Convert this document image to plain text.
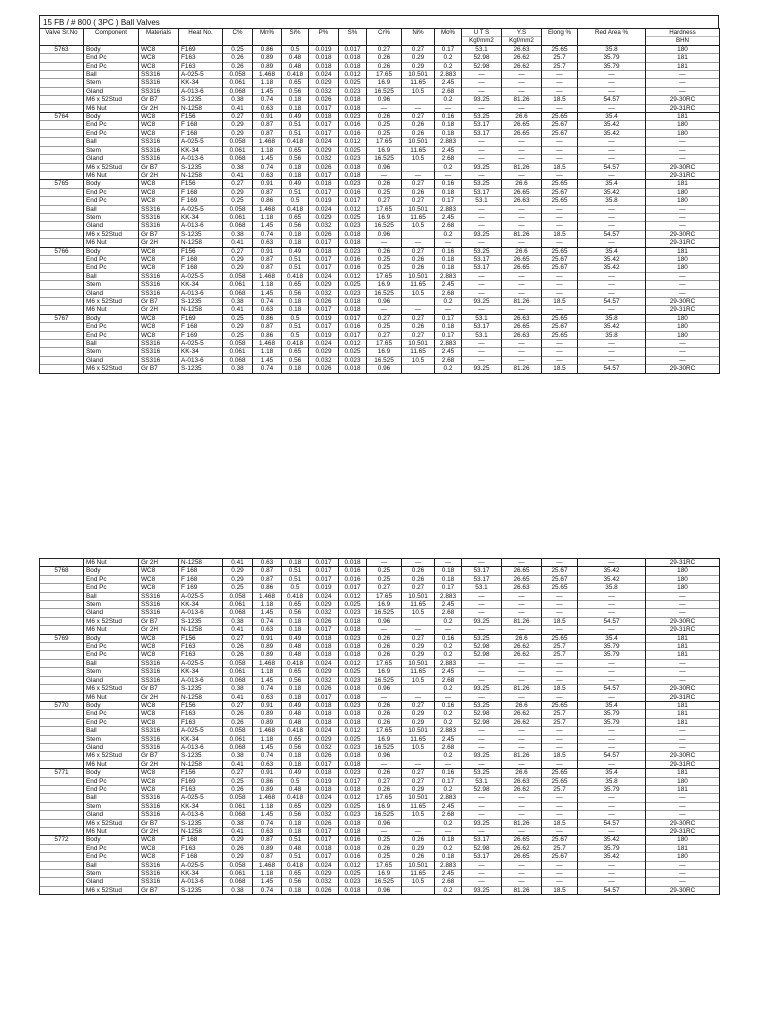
15 FB / # 800 ( 3PC ) Ball Valves
Valve Sr.No	Component	Materials	Heat No.	C%	Mn%	Si%	P%	S%	Cr%	Ni%	Mo%	U T S	Y.S	Elong %	Red Area %	Hardness
												Kgf/mm2	Kgf/mm2			BHN
5763	Body	WC8	F169	0.25	0.86	0.5	0.019	0.017	0.27	0.27	0.17	53.1	26.63	25.65	35.8	180
	End Pc	WC8	F163	0.26	0.89	0.48	0.018	0.018	0.26	0.29	0.2	52.98	26.62	25.7	35.79	181
	End Pc	WC8	F163	0.26	0.89	0.48	0.018	0.018	0.26	0.29	0.2	52.98	26.62	25.7	35.79	181
	Ball	SS316	A-025-5	0.058	1.468	0.418	0.024	0.012	17.65	10.501	2.883	—	—	—	—	—
	Stem	SS316	KK-34	0.061	1.18	0.65	0.029	0.025	16.9	11.65	2.45	—	—	—	—	—
	Gland	SS316	A-013-6	0.068	1.45	0.56	0.032	0.023	16.525	10.5	2.68	—	—	—	—	—
	M6 x 52Stud	Gr B7	S-1235	0.38	0.74	0.18	0.026	0.018	0.96		0.2	93.25	81.26	18.5	54.57	29-30RC
	M6 Nut	Gr 2H	N-1258	0.41	0.63	0.18	0.017	0.018	—	—	—	—	—	—	—	29-31RC
5764	Body	WC8	F156	0.27	0.91	0.49	0.018	0.023	0.26	0.27	0.16	53.25	26.6	25.65	35.4	181
	End Pc	WC8	F 168	0.29	0.87	0.51	0.017	0.016	0.25	0.26	0.18	53.17	26.65	25.67	35.42	180
	End Pc	WC8	F 168	0.29	0.87	0.51	0.017	0.016	0.25	0.26	0.18	53.17	26.65	25.67	35.42	180
	Ball	SS316	A-025-5	0.058	1.468	0.418	0.024	0.012	17.65	10.501	2.883	—	—	—	—	—
	Stem	SS316	KK-34	0.061	1.18	0.65	0.029	0.025	16.9	11.65	2.45	—	—	—	—	—
	Gland	SS316	A-013-6	0.068	1.45	0.56	0.032	0.023	16.525	10.5	2.68	—	—	—	—	—
	M6 x 52Stud	Gr B7	S-1235	0.38	0.74	0.18	0.026	0.018	0.96		0.2	93.25	81.26	18.5	54.57	29-30RC
	M6 Nut	Gr 2H	N-1258	0.41	0.63	0.18	0.017	0.018	—	—	—	—	—	—	—	29-31RC
5765	Body	WC8	F156	0.27	0.91	0.49	0.018	0.023	0.26	0.27	0.16	53.25	26.6	25.65	35.4	181
	End Pc	WC8	F 168	0.29	0.87	0.51	0.017	0.016	0.25	0.26	0.18	53.17	26.65	25.67	35.42	180
	End Pc	WC8	F 169	0.25	0.86	0.5	0.019	0.017	0.27	0.27	0.17	53.1	26.63	25.65	35.8	180
	Ball	SS316	A-025-5	0.058	1.468	0.418	0.024	0.012	17.65	10.501	2.883	—	—	—	—	—
	Stem	SS316	KK-34	0.061	1.18	0.65	0.029	0.025	16.9	11.65	2.45	—	—	—	—	—
	Gland	SS316	A-013-6	0.068	1.45	0.56	0.032	0.023	16.525	10.5	2.68	—	—	—	—	—
	M6 x 52Stud	Gr B7	S-1235	0.38	0.74	0.18	0.026	0.018	0.96		0.2	93.25	81.26	18.5	54.57	29-30RC
	M6 Nut	Gr 2H	N-1258	0.41	0.63	0.18	0.017	0.018	—	—	—	—	—	—	—	29-31RC
5766	Body	WC8	F156	0.27	0.91	0.49	0.018	0.023	0.26	0.27	0.16	53.25	26.6	25.65	35.4	181
	End Pc	WC8	F 168	0.29	0.87	0.51	0.017	0.016	0.25	0.26	0.18	53.17	26.65	25.67	35.42	180
	End Pc	WC8	F 168	0.29	0.87	0.51	0.017	0.016	0.25	0.26	0.18	53.17	26.65	25.67	35.42	180
	Ball	SS316	A-025-5	0.058	1.468	0.418	0.024	0.012	17.65	10.501	2.883	—	—	—	—	—
	Stem	SS316	KK-34	0.061	1.18	0.65	0.029	0.025	16.9	11.65	2.45	—	—	—	—	—
	Gland	SS316	A-013-6	0.068	1.45	0.56	0.032	0.023	16.525	10.5	2.68	—	—	—	—	—
	M6 x 52Stud	Gr B7	S-1235	0.38	0.74	0.18	0.026	0.018	0.96		0.2	93.25	81.26	18.5	54.57	29-30RC
	M6 Nut	Gr 2H	N-1258	0.41	0.63	0.18	0.017	0.018	—	—	—	—	—	—	—	29-31RC
5767	Body	WC8	F169	0.25	0.86	0.5	0.019	0.017	0.27	0.27	0.17	53.1	26.63	25.65	35.8	180
	End Pc	WC8	F 168	0.29	0.87	0.51	0.017	0.016	0.25	0.26	0.18	53.17	26.65	25.67	35.42	180
	End Pc	WC8	F 169	0.25	0.86	0.5	0.019	0.017	0.27	0.27	0.17	53.1	26.63	25.65	35.8	180
	Ball	SS316	A-025-5	0.058	1.468	0.418	0.024	0.012	17.65	10.501	2.883	—	—	—	—	—
	Stem	SS316	KK-34	0.061	1.18	0.65	0.029	0.025	16.9	11.65	2.45	—	—	—	—	—
	Gland	SS316	A-013-6	0.068	1.45	0.56	0.032	0.023	16.525	10.5	2.68	—	—	—	—	—
	M6 x 52Stud	Gr B7	S-1235	0.38	0.74	0.18	0.026	0.018	0.96		0.2	93.25	81.26	18.5	54.57	29-30RC
	M6 Nut	Gr 2H	N-1258	0.41	0.63	0.18	0.017	0.018	—	—	—	—	—	—	—	29-31RC
5768	Body	WC8	F 168	0.29	0.87	0.51	0.017	0.016	0.25	0.26	0.18	53.17	26.65	25.67	35.42	180
	End Pc	WC8	F 168	0.29	0.87	0.51	0.017	0.016	0.25	0.26	0.18	53.17	26.65	25.67	35.42	180
	End Pc	WC8	F 169	0.25	0.86	0.5	0.019	0.017	0.27	0.27	0.17	53.1	26.63	25.65	35.8	180
	Ball	SS316	A-025-5	0.058	1.468	0.418	0.024	0.012	17.65	10.501	2.883	—	—	—	—	—
	Stem	SS316	KK-34	0.061	1.18	0.65	0.029	0.025	16.9	11.65	2.45	—	—	—	—	—
	Gland	SS316	A-013-6	0.068	1.45	0.56	0.032	0.023	16.525	10.5	2.68	—	—	—	—	—
	M6 x 52Stud	Gr B7	S-1235	0.38	0.74	0.18	0.026	0.018	0.96		0.2	93.25	81.26	18.5	54.57	29-30RC
	M6 Nut	Gr 2H	N-1258	0.41	0.63	0.18	0.017	0.018	—	—	—	—	—	—	—	29-31RC
5769	Body	WC8	F156	0.27	0.91	0.49	0.018	0.023	0.26	0.27	0.16	53.25	26.6	25.65	35.4	181
	End Pc	WC8	F163	0.26	0.89	0.48	0.018	0.018	0.26	0.29	0.2	52.98	26.62	25.7	35.79	181
	End Pc	WC8	F163	0.26	0.89	0.48	0.018	0.018	0.26	0.29	0.2	52.98	26.62	25.7	35.79	181
	Ball	SS316	A-025-5	0.058	1.468	0.418	0.024	0.012	17.65	10.501	2.883	—	—	—	—	—
	Stem	SS316	KK-34	0.061	1.18	0.65	0.029	0.025	16.9	11.65	2.45	—	—	—	—	—
	Gland	SS316	A-013-6	0.068	1.45	0.56	0.032	0.023	16.525	10.5	2.68	—	—	—	—	—
	M6 x 52Stud	Gr B7	S-1235	0.38	0.74	0.18	0.026	0.018	0.96		0.2	93.25	81.26	18.5	54.57	29-30RC
	M6 Nut	Gr 2H	N-1258	0.41	0.63	0.18	0.017	0.018	—	—	—	—	—	—	—	29-31RC
5770	Body	WC8	F156	0.27	0.91	0.49	0.018	0.023	0.26	0.27	0.16	53.25	26.6	25.65	35.4	181
	End Pc	WC8	F163	0.26	0.89	0.48	0.018	0.018	0.26	0.29	0.2	52.98	26.62	25.7	35.79	181
	End Pc	WC8	F163	0.26	0.89	0.48	0.018	0.018	0.26	0.29	0.2	52.98	26.62	25.7	35.79	181
	Ball	SS316	A-025-5	0.058	1.468	0.418	0.024	0.012	17.65	10.501	2.883	—	—	—	—	—
	Stem	SS316	KK-34	0.061	1.18	0.65	0.029	0.025	16.9	11.65	2.45	—	—	—	—	—
	Gland	SS316	A-013-6	0.068	1.45	0.56	0.032	0.023	16.525	10.5	2.68	—	—	—	—	—
	M6 x 52Stud	Gr B7	S-1235	0.38	0.74	0.18	0.026	0.018	0.96		0.2	93.25	81.26	18.5	54.57	29-30RC
	M6 Nut	Gr 2H	N-1258	0.41	0.63	0.18	0.017	0.018	—	—	—	—	—	—	—	29-31RC
5771	Body	WC8	F156	0.27	0.91	0.49	0.018	0.023	0.26	0.27	0.16	53.25	26.6	25.65	35.4	181
	End Pc	WC8	F169	0.25	0.86	0.5	0.019	0.017	0.27	0.27	0.17	53.1	26.63	25.65	35.8	180
	End Pc	WC8	F163	0.26	0.89	0.48	0.018	0.018	0.26	0.29	0.2	52.98	26.62	25.7	35.79	181
	Ball	SS316	A-025-5	0.058	1.468	0.418	0.024	0.012	17.65	10.501	2.883	—	—	—	—	—
	Stem	SS316	KK-34	0.061	1.18	0.65	0.029	0.025	16.9	11.65	2.45	—	—	—	—	—
	Gland	SS316	A-013-6	0.068	1.45	0.56	0.032	0.023	16.525	10.5	2.68	—	—	—	—	—
	M6 x 52Stud	Gr B7	S-1235	0.38	0.74	0.18	0.026	0.018	0.96		0.2	93.25	81.26	18.5	54.57	29-30RC
	M6 Nut	Gr 2H	N-1258	0.41	0.63	0.18	0.017	0.018	—	—	—	—	—	—	—	29-31RC
5772	Body	WC8	F 168	0.29	0.87	0.51	0.017	0.016	0.25	0.26	0.18	53.17	26.65	25.67	35.42	180
	End Pc	WC8	F163	0.26	0.89	0.48	0.018	0.018	0.26	0.29	0.2	52.98	26.62	25.7	35.79	181
	End Pc	WC8	F 168	0.29	0.87	0.51	0.017	0.016	0.25	0.26	0.18	53.17	26.65	25.67	35.42	180
	Ball	SS316	A-025-5	0.058	1.468	0.418	0.024	0.012	17.65	10.501	2.883	—	—	—	—	—
	Stem	SS316	KK-34	0.061	1.18	0.65	0.029	0.025	16.9	11.65	2.45	—	—	—	—	—
	Gland	SS316	A-013-6	0.068	1.45	0.56	0.032	0.023	16.525	10.5	2.68	—	—	—	—	—
	M6 x 52Stud	Gr B7	S-1235	0.38	0.74	0.18	0.026	0.018	0.96		0.2	93.25	81.26	18.5	54.57	29-30RC
